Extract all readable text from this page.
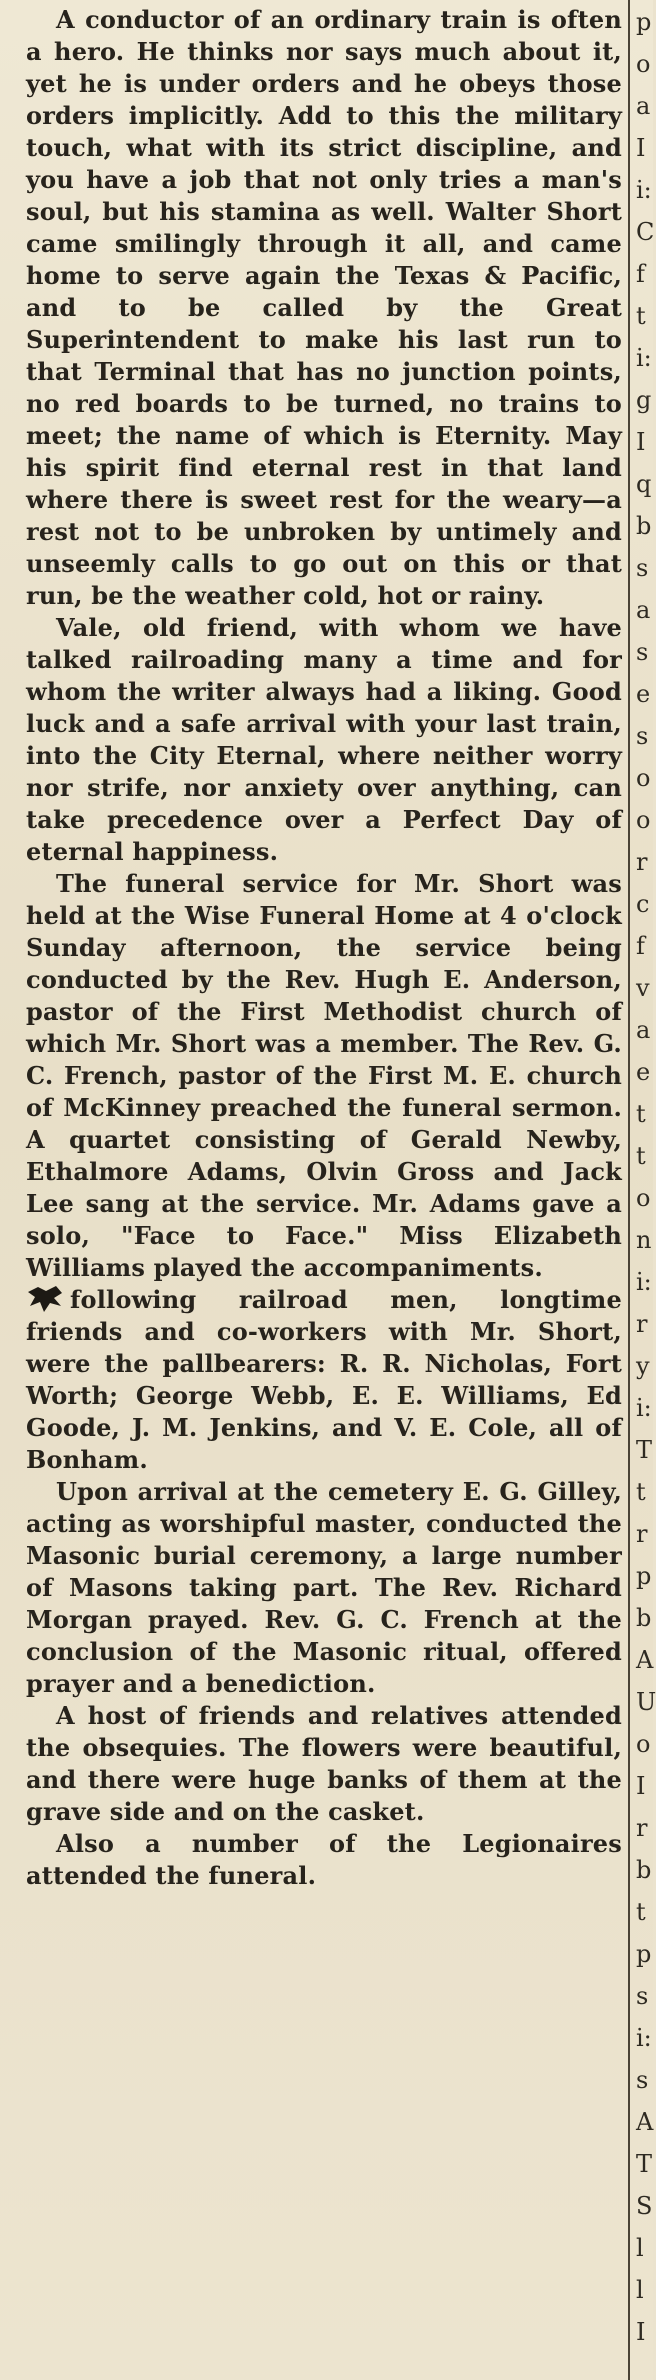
A conductor of an ordinary train is often a hero. He thinks nor says much about it, yet he is under orders and he obeys those orders implicitly. Add to this the military touch, what with its strict discipline, and you have a job that not only tries a man's soul, but his stamina as well. Walter Short came smilingly through it all, and came home to serve again the Texas & Pacific, and to be called by the Great Superintendent to make his last run to that Terminal that has no junction points, no red boards to be turned, no trains to meet; the name of which is Eternity. May his spirit find eternal rest in that land where there is sweet rest for the weary—a rest not to be unbroken by untimely and unseemly calls to go out on this or that run, be the weather cold, hot or rainy.

Vale, old friend, with whom we have talked railroading many a time and for whom the writer always had a liking. Good luck and a safe arrival with your last train, into the City Eternal, where neither worry nor strife, nor anxiety over anything, can take precedence over a Perfect Day of eternal happiness.

The funeral service for Mr. Short was held at the Wise Funeral Home at 4 o'clock Sunday afternoon, the service being conducted by the Rev. Hugh E. Anderson, pastor of the First Methodist church of which Mr. Short was a member. The Rev. G. C. French, pastor of the First M. E. church of McKinney preached the funeral sermon. A quartet consisting of Gerald Newby, Ethalmore Adams, Olvin Gross and Jack Lee sang at the service. Mr. Adams gave a solo, "Face to Face." Miss Elizabeth Williams played the accompaniments.

following railroad men, longtime friends and co-workers with Mr. Short, were the pallbearers: R. R. Nicholas, Fort Worth; George Webb, E. E. Williams, Ed Goode, J. M. Jenkins, and V. E. Cole, all of Bonham.

Upon arrival at the cemetery E. G. Gilley, acting as worshipful master, conducted the Masonic burial ceremony, a large number of Masons taking part. The Rev. Richard Morgan prayed. Rev. G. C. French at the conclusion of the Masonic ritual, offered prayer and a benediction.

A host of friends and relatives attended the obsequies. The flowers were beautiful, and there were huge banks of them at the grave side and on the casket.

Also a number of the Legionaires attended the funeral.

p
o
a
I
i:
C
f
t
i:
g
I
q
b
s
a
s
e
s
o
o
r
c
f
v
a
e
t
t
o
n
i:
r
y
i:
T
t
r
p
b
A
U
o
I
r
b
t
p
s
i:
s
A
T
S
l
l
I
